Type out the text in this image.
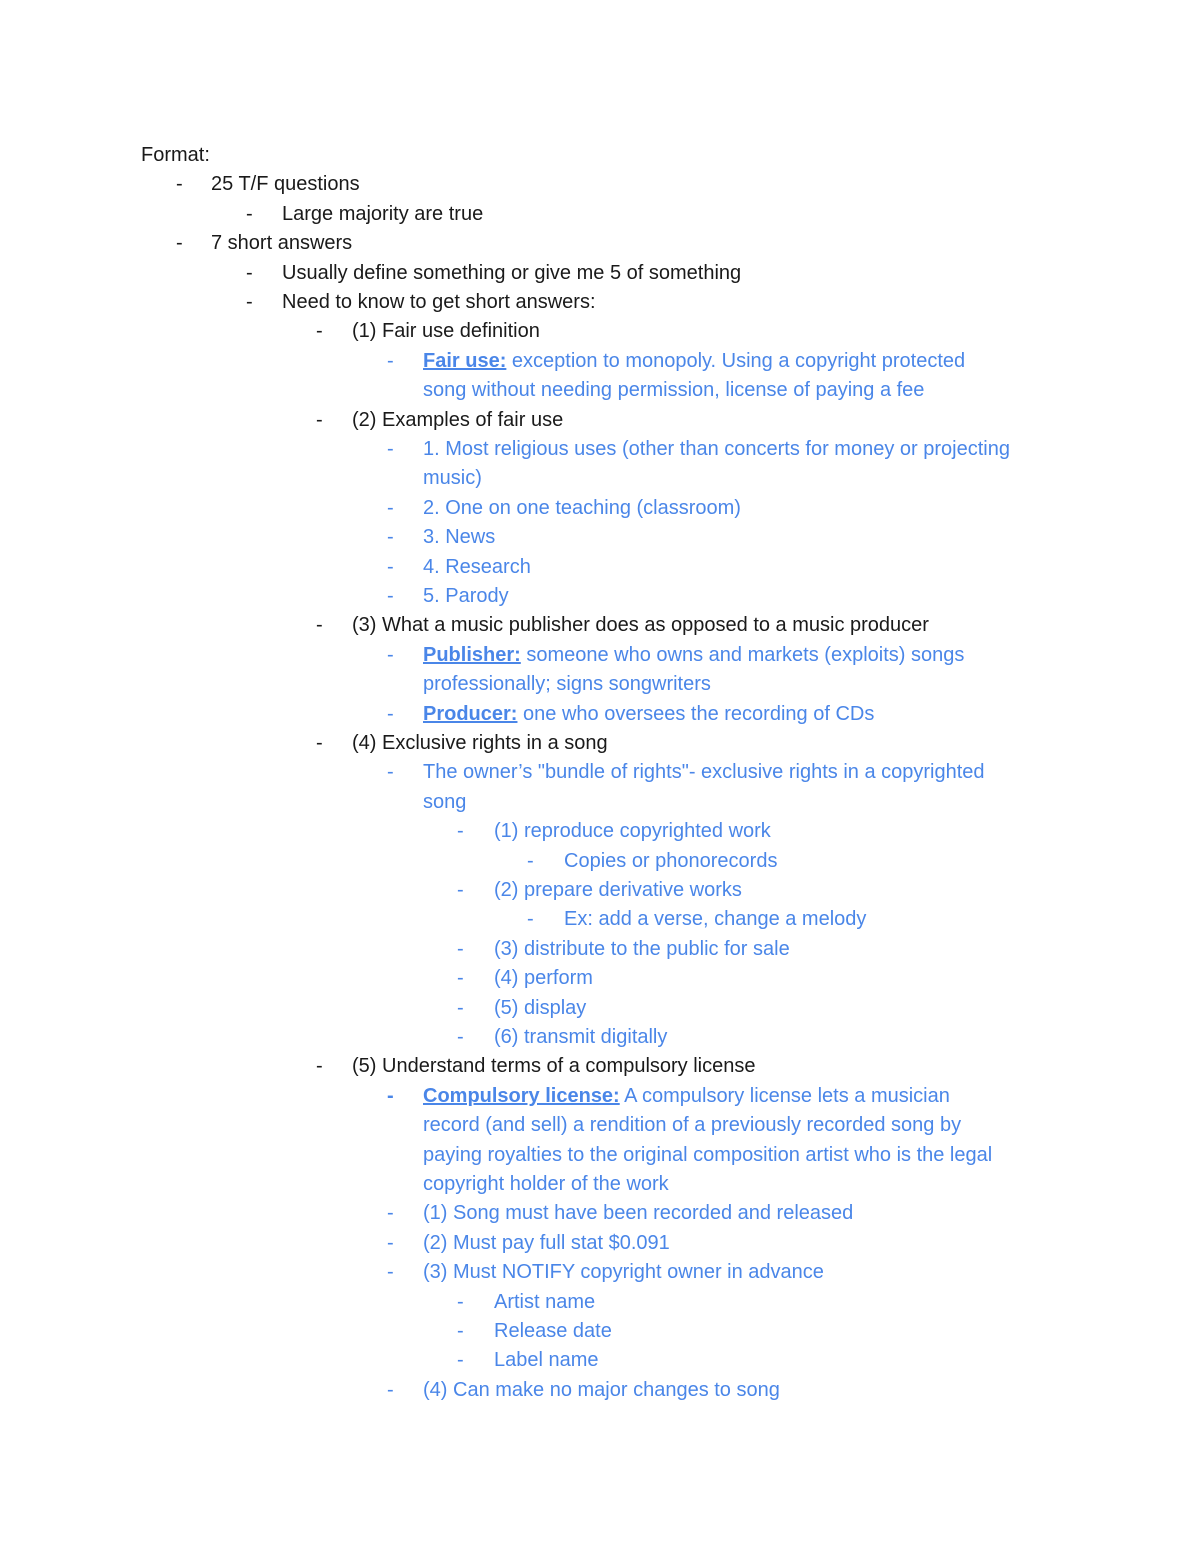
Format:
- 25 T/F questions
- Large majority are true
- 7 short answers
- Usually define something or give me 5 of something
- Need to know to get short answers:
- (1) Fair use definition
- Fair use: exception to monopoly. Using a copyright protected
song without needing permission, license of paying a fee
- (2) Examples of fair use
- 1. Most religious uses (other than concerts for money or projecting
music)
- 2. One on one teaching (classroom)
- 3. News
- 4. Research
- 5. Parody
- (3) What a music publisher does as opposed to a music producer
- Publisher: someone who owns and markets (exploits) songs
professionally; signs songwriters
- Producer: one who oversees the recording of CDs
- (4) Exclusive rights in a song
- The owner’s "bundle of rights"- exclusive rights in a copyrighted
song
- (1) reproduce copyrighted work
- Copies or phonorecords
- (2) prepare derivative works
- Ex: add a verse, change a melody
- (3) distribute to the public for sale
- (4) perform
- (5) display
- (6) transmit digitally
- (5) Understand terms of a compulsory license
- Compulsory license: A compulsory license lets a musician
record (and sell) a rendition of a previously recorded song by
paying royalties to the original composition artist who is the legal
copyright holder of the work
- (1) Song must have been recorded and released
- (2) Must pay full stat $0.091
- (3) Must NOTIFY copyright owner in advance
- Artist name
- Release date
- Label name
- (4) Can make no major changes to song
